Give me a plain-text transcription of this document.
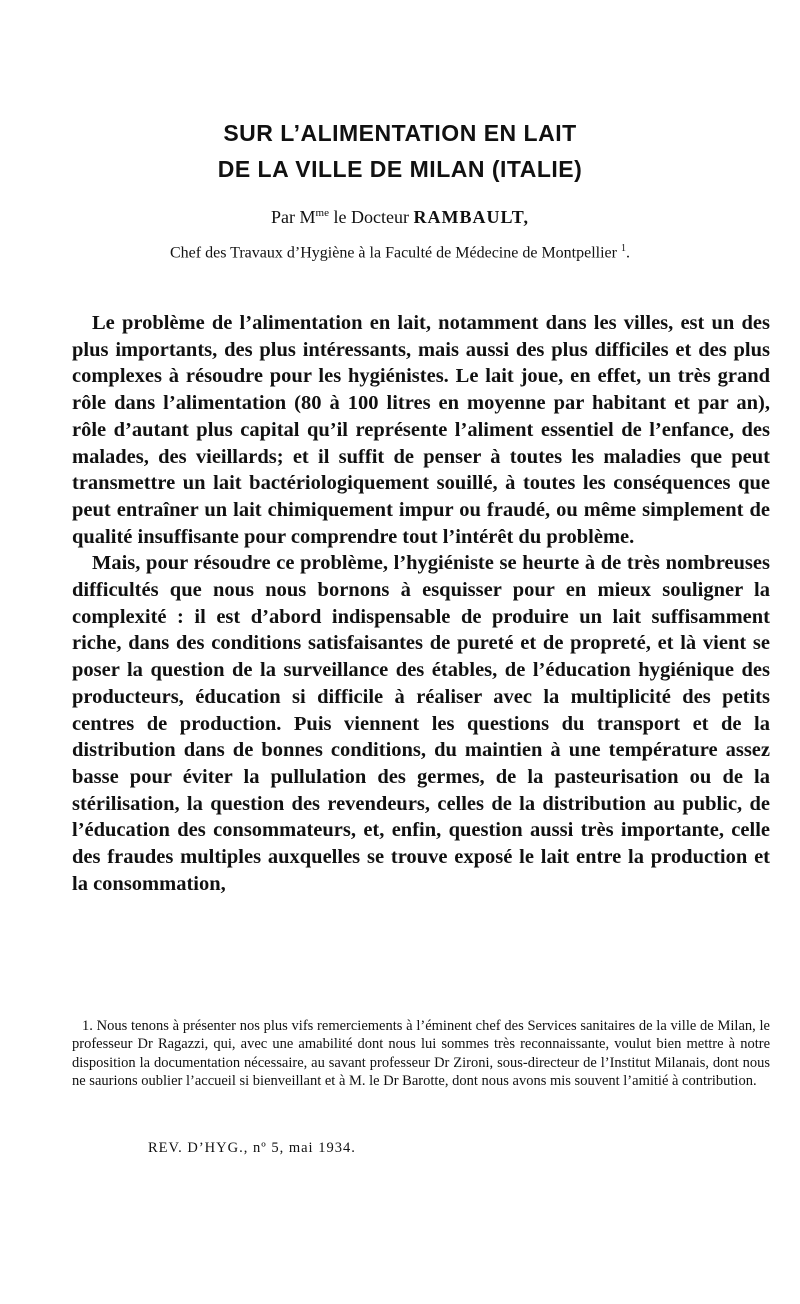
SUR L’ALIMENTATION EN LAIT
DE LA VILLE DE MILAN (ITALIE)
Par $M^{me}$ le Docteur RAMBAULT,
Chef des Travaux d’Hygiène à la Faculté de Médecine de Montpellier $^1$.

Le problème de l’alimentation en lait, notamment dans les villes, est un des plus importants, des plus intéressants, mais aussi des plus difficiles et des plus complexes à résoudre pour les hygiénistes. Le lait joue, en effet, un très grand rôle dans l’alimentation (80 à 100 litres en moyenne par habitant et par an), rôle d’autant plus capital qu’il représente l’aliment essentiel de l’enfance, des malades, des vieillards; et il suffit de penser à toutes les maladies que peut transmettre un lait bactériologiquement souillé, à toutes les conséquences que peut entraîner un lait chimiquement impur ou fraudé, ou même simplement de qualité insuffisante pour comprendre tout l’intérêt du problème.

Mais, pour résoudre ce problème, l’hygiéniste se heurte à de très nombreuses difficultés que nous nous bornons à esquisser pour en mieux souligner la complexité : il est d’abord indispensable de produire un lait suffisamment riche, dans des conditions satisfaisantes de pureté et de propreté, et là vient se poser la question de la surveillance des étables, de l’éducation hygiénique des producteurs, éducation si difficile à réaliser avec la multiplicité des petits centres de production. Puis viennent les questions du transport et de la distribution dans de bonnes conditions, du maintien à une température assez basse pour éviter la pullulation des germes, de la pasteurisation ou de la stérilisation, la question des revendeurs, celles de la distribution au public, de l’éducation des consommateurs, et, enfin, question aussi très importante, celle des fraudes multiples auxquelles se trouve exposé le lait entre la production et la consommation,

1. Nous tenons à présenter nos plus vifs remerciements à l’éminent chef des Services sanitaires de la ville de Milan, le professeur Dr Ragazzi, qui, avec une amabilité dont nous lui sommes très reconnaissante, voulut bien mettre à notre disposition la documentation nécessaire, au savant professeur Dr Zironi, sous-directeur de l’Institut Milanais, dont nous ne saurions oublier l’accueil si bienveillant et à M. le Dr Barotte, dont nous avons mis souvent l’amitié à contribution.

REV. D’HYG., nº 5, mai 1934.
